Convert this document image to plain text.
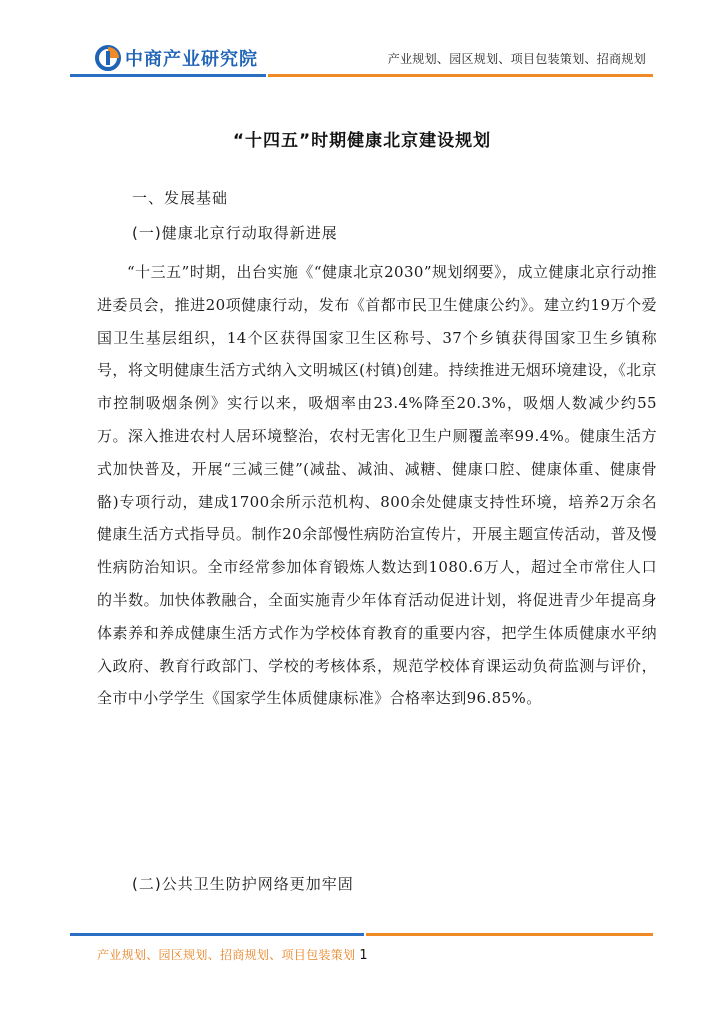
中商产业研究院	产业规划、园区规划、项目包装策划、招商规划
“十四五”时期健康北京建设规划
一、发展基础
(一)健康北京行动取得新进展

“十三五”时期，出台实施《“健康北京2030”规划纲要》，成立健康北京行动推进委员会，推进20项健康行动，发布《首都市民卫生健康公约》。建立约19万个爱国卫生基层组织，14个区获得国家卫生区称号、37个乡镇获得国家卫生乡镇称号，将文明健康生活方式纳入文明城区(村镇)创建。持续推进无烟环境建设，《北京市控制吸烟条例》实行以来，吸烟率由23.4%降至20.3%，吸烟人数减少约55万。深入推进农村人居环境整治，农村无害化卫生户厕覆盖率99.4%。健康生活方式加快普及，开展“三减三健”(减盐、减油、减糖、健康口腔、健康体重、健康骨骼)专项行动，建成1700余所示范机构、800余处健康支持性环境，培养2万余名健康生活方式指导员。制作20余部慢性病防治宣传片，开展主题宣传活动，普及慢性病防治知识。全市经常参加体育锻炼人数达到1080.6万人，超过全市常住人口的半数。加快体教融合，全面实施青少年体育活动促进计划，将促进青少年提高身体素养和养成健康生活方式作为学校体育教育的重要内容，把学生体质健康水平纳入政府、教育行政部门、学校的考核体系，规范学校体育课运动负荷监测与评价，全市中小学学生《国家学生体质健康标准》合格率达到96.85%。

(二)公共卫生防护网络更加牢固
产业规划、园区规划、招商规划、项目包装策划 1
